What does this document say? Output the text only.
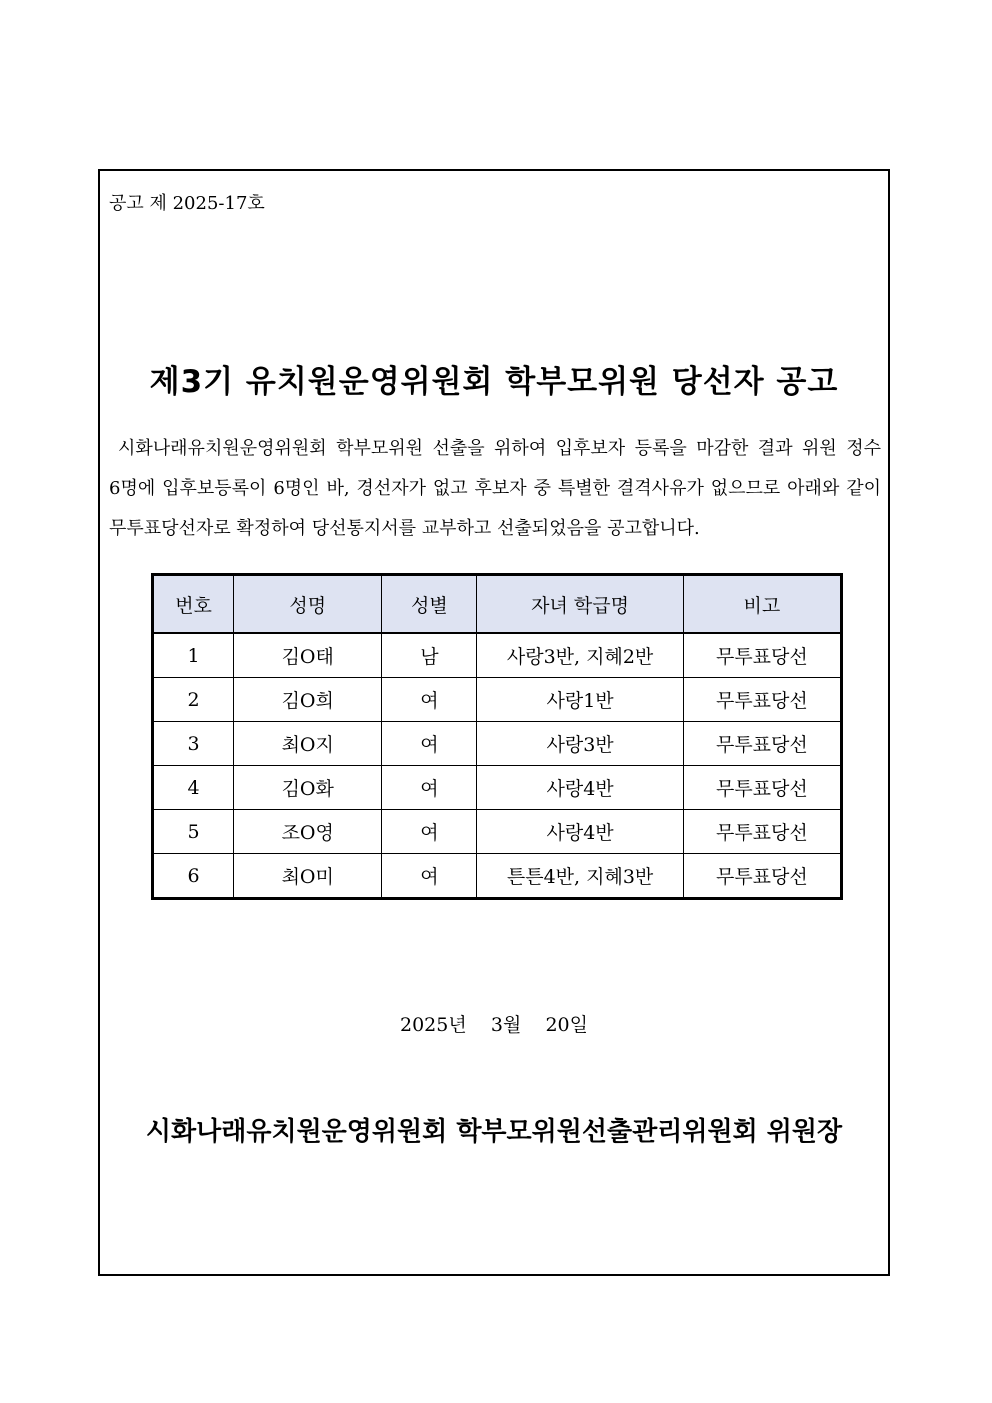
공고 제 2025-17호
제3기 유치원운영위원회 학부모위원 당선자 공고
시화나래유치원운영위원회 학부모위원 선출을 위하여 입후보자 등록을 마감한 결과 위원 정수 6명에 입후보등록이 6명인 바, 경선자가 없고 후보자 중 특별한 결격사유가 없으므로 아래와 같이 무투표당선자로 확정하여 당선통지서를 교부하고 선출되었음을 공고합니다.
번호	성명	성별	자녀 학급명	비고
1	김O태	남	사랑3반, 지혜2반	무투표당선
2	김O희	여	사랑1반	무투표당선
3	최O지	여	사랑3반	무투표당선
4	김O화	여	사랑4반	무투표당선
5	조O영	여	사랑4반	무투표당선
6	최O미	여	튼튼4반, 지혜3반	무투표당선
2025년    3월    20일
시화나래유치원운영위원회 학부모위원선출관리위원회 위원장
